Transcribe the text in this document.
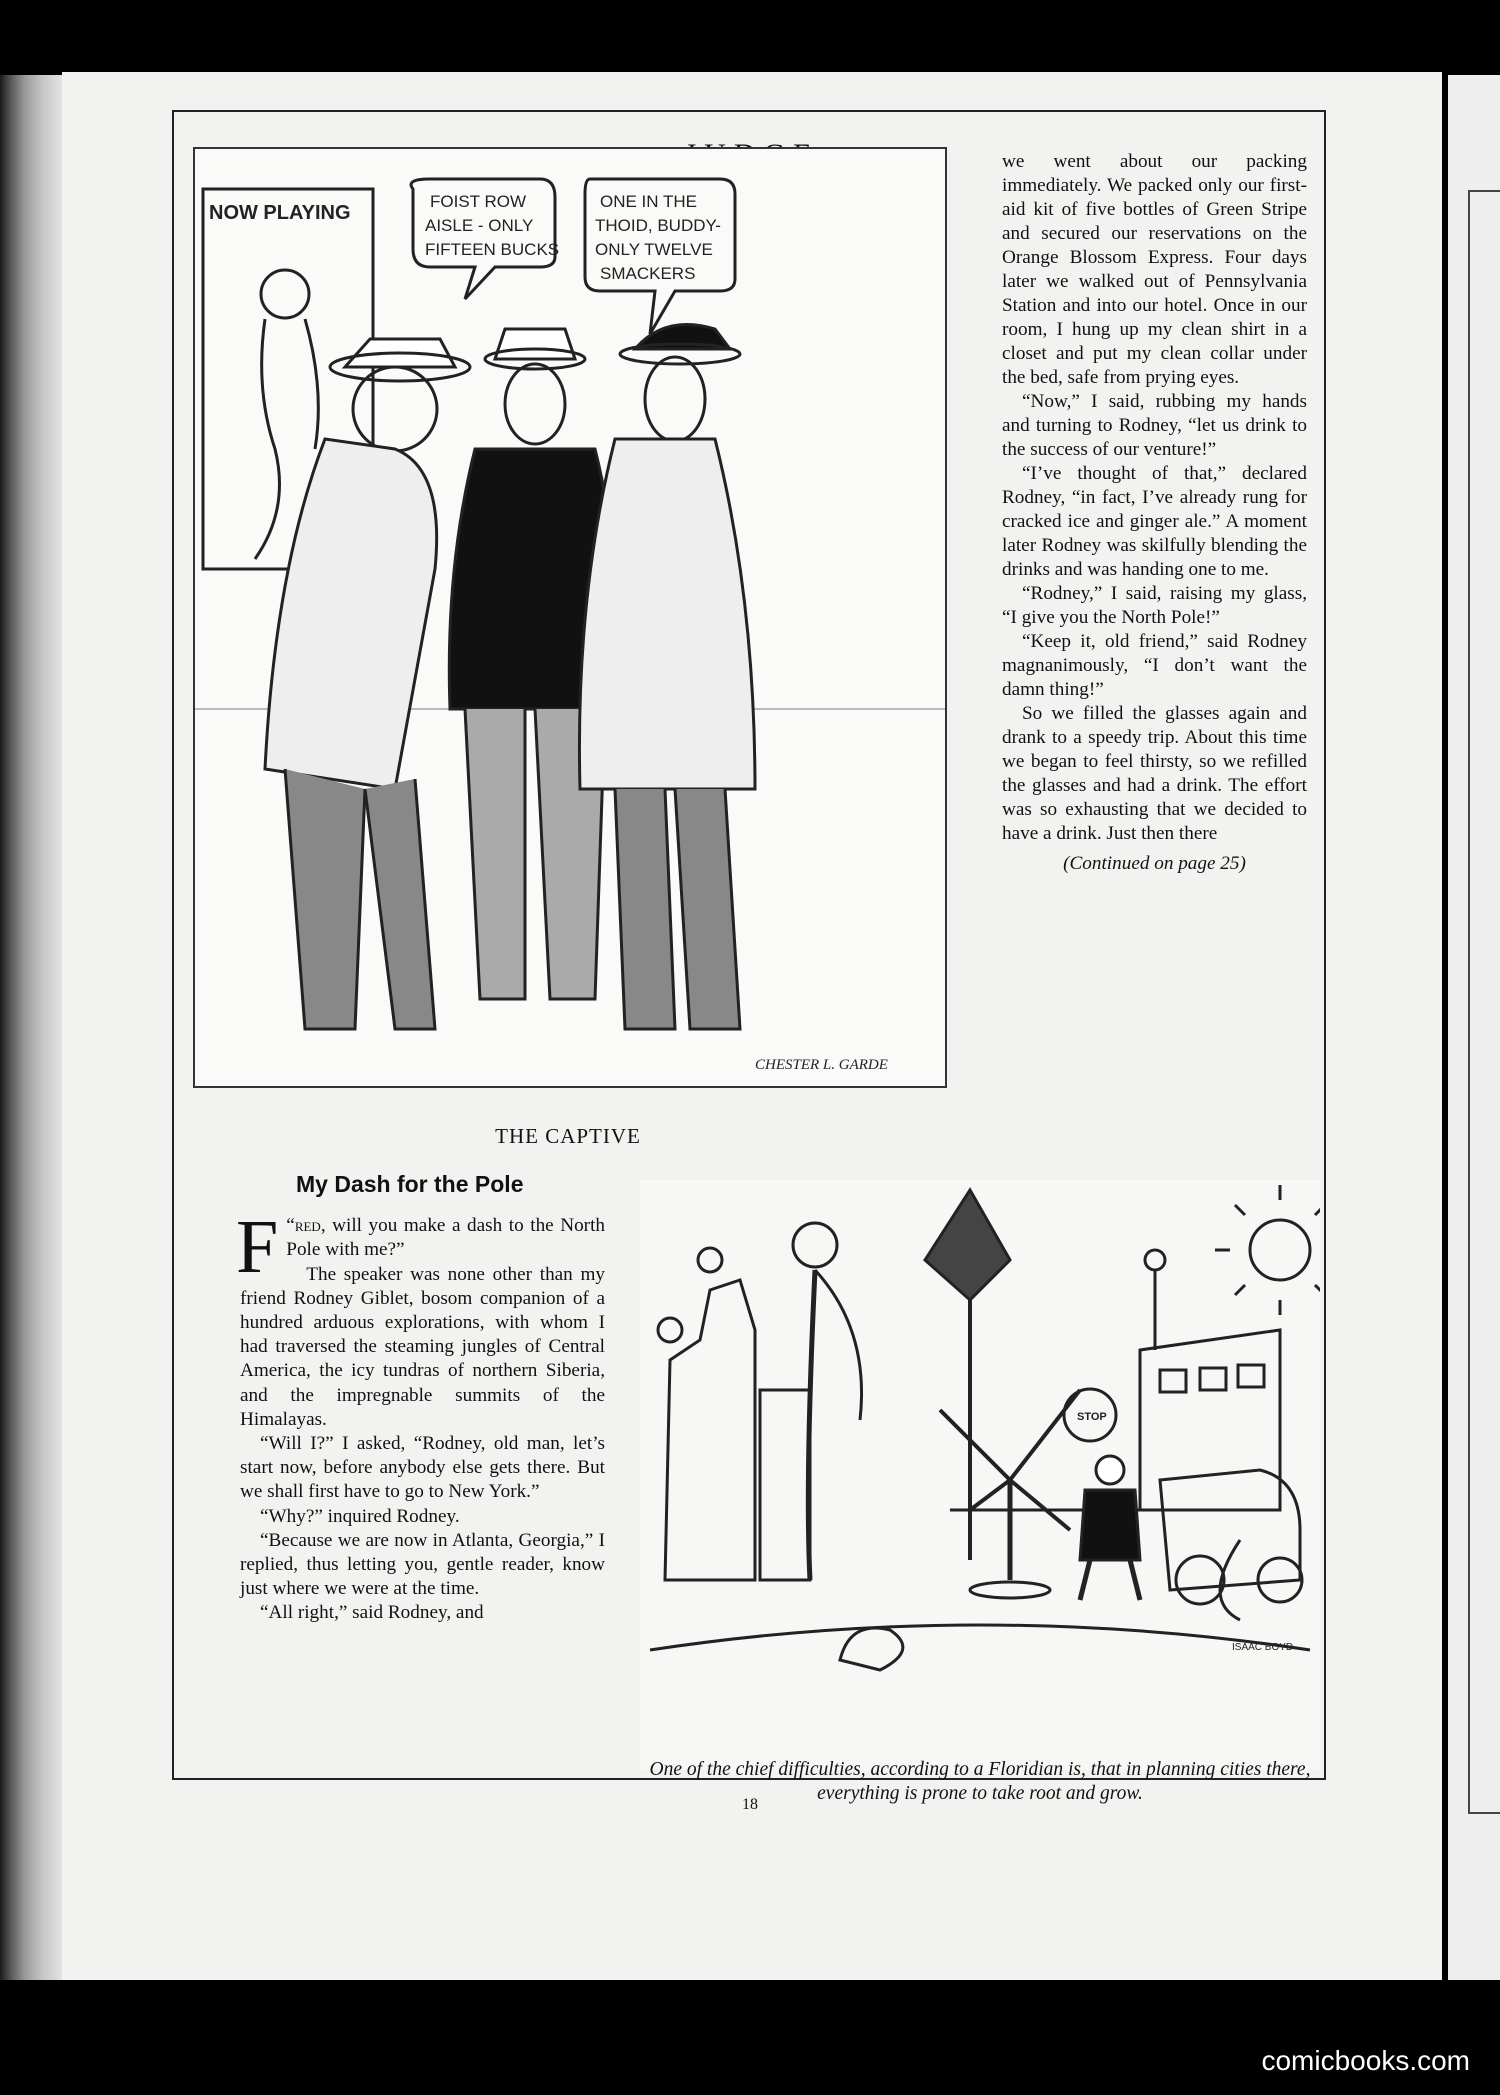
NOW PLAYING
FOIST ROW
AISLE - ONLY
FIFTEEN BUCKS
ONE IN THE
THOID, BUDDY-
ONLY TWELVE
SMACKERS
CHESTER L. GARDE
THE CAPTIVE

we went about our packing immediately. We packed only our first-aid kit of five bottles of Green Stripe and secured our reservations on the Orange Blossom Express. Four days later we walked out of Pennsylvania Station and into our hotel. Once in our room, I hung up my clean shirt in a closet and put my clean collar under the bed, safe from prying eyes.

“Now,” I said, rubbing my hands and turning to Rodney, “let us drink to the success of our venture!”

“I’ve thought of that,” declared Rodney, “in fact, I’ve already rung for cracked ice and ginger ale.” A moment later Rodney was skilfully blending the drinks and was handing one to me.

“Rodney,” I said, raising my glass, “I give you the North Pole!”

“Keep it, old friend,” said Rodney magnanimously, “I don’t want the damn thing!”

So we filled the glasses again and drank to a speedy trip. About this time we began to feel thirsty, so we refilled the glasses and had a drink. The effort was so exhausting that we decided to have a drink. Just then there

(Continued on page 25)
My Dash for the Pole

“
F red, will you make a dash to the North Pole with me?”

The speaker was none other than my friend Rodney Giblet, bosom companion of a hundred arduous explorations, with whom I had traversed the steaming jungles of Central America, the icy tundras of northern Siberia, and the impregnable summits of the Himalayas.

“Will I?” I asked, “Rodney, old man, let’s start now, before anybody else gets there. But we shall first have to go to New York.”

“Why?” inquired Rodney.

“Because we are now in Atlanta, Georgia,” I replied, thus letting you, gentle reader, know just where we were at the time.

“All right,” said Rodney, and

STOP
ISAAC BOYD
One of the chief difficulties, according to a Floridian is, that in planning cities there, everything is prone to take root and grow.
18
comicbooks.com
